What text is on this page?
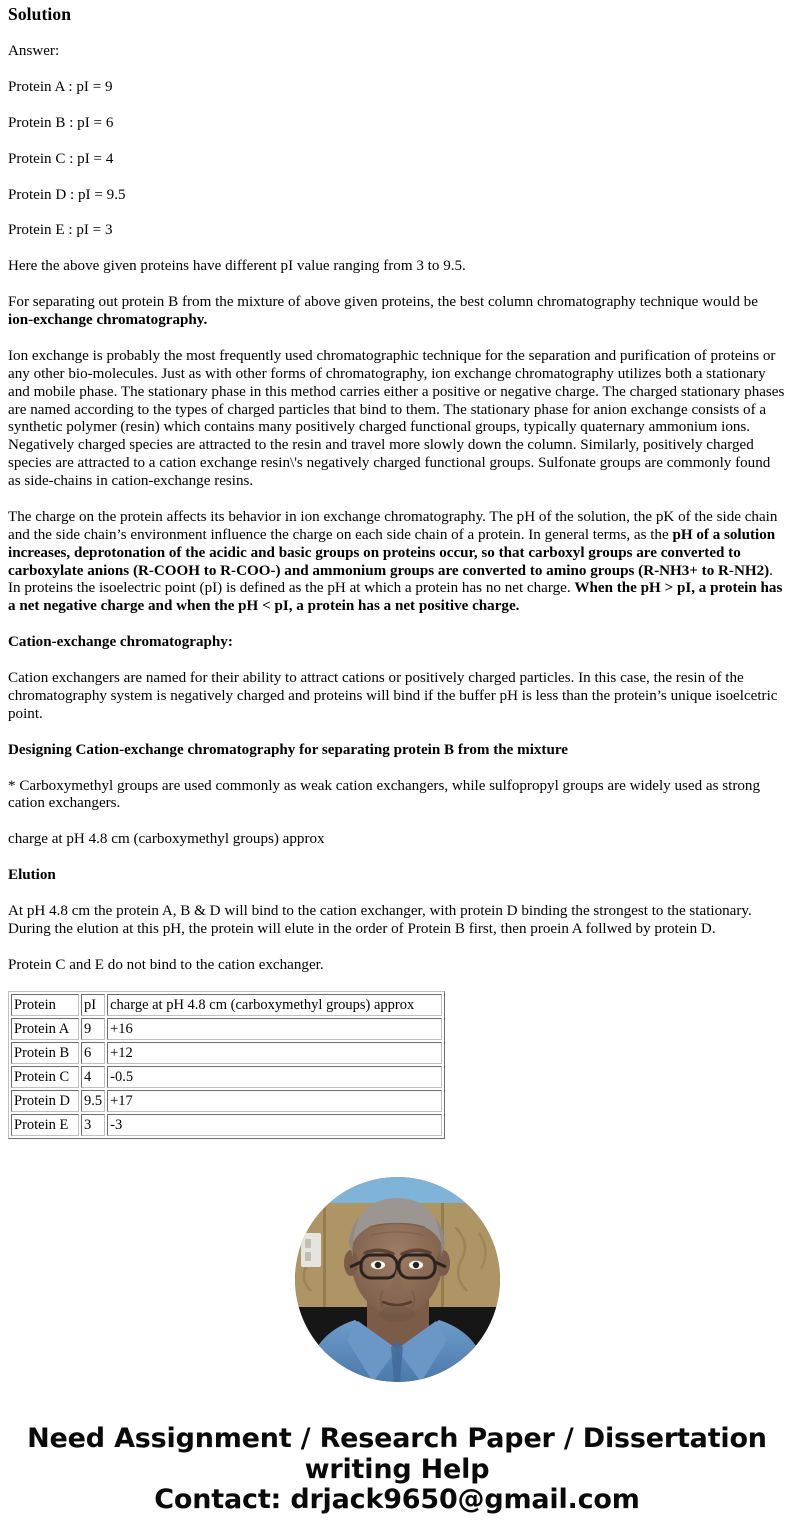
Solution

Answer:

Protein A : pI = 9

Protein B : pI = 6

Protein C : pI = 4

Protein D : pI = 9.5

Protein E : pI = 3

Here the above given proteins have different pI value ranging from 3 to 9.5.

For separating out protein B from the mixture of above given proteins, the best column chromatography technique would be ion-exchange chromatography.

Ion exchange is probably the most frequently used chromatographic technique for the separation and purification of proteins or any other bio-molecules. Just as with other forms of chromatography, ion exchange chromatography utilizes both a stationary and mobile phase. The stationary phase in this method carries either a positive or negative charge. The charged stationary phases are named according to the types of charged particles that bind to them. The stationary phase for anion exchange consists of a synthetic polymer (resin) which contains many positively charged functional groups, typically quaternary ammonium ions. Negatively charged species are attracted to the resin and travel more slowly down the column. Similarly, positively charged species are attracted to a cation exchange resin\'s negatively charged functional groups. Sulfonate groups are commonly found as side-chains in cation-exchange resins.

The charge on the protein affects its behavior in ion exchange chromatography. The pH of the solution, the pK of the side chain and the side chain’s environment influence the charge on each side chain of a protein. In general terms, as the pH of a solution increases, deprotonation of the acidic and basic groups on proteins occur, so that carboxyl groups are converted to carboxylate anions (R-COOH to R-COO-) and ammonium groups are converted to amino groups (R-NH3+ to R-NH2). In proteins the isoelectric point (pI) is defined as the pH at which a protein has no net charge. When the pH > pI, a protein has a net negative charge and when the pH < pI, a protein has a net positive charge.

Cation-exchange chromatography:

Cation exchangers are named for their ability to attract cations or positively charged particles. In this case, the resin of the chromatography system is negatively charged and proteins will bind if the buffer pH is less than the protein’s unique isoelcetric point.

Designing Cation-exchange chromatography for separating protein B from the mixture

* Carboxymethyl groups are used commonly as weak cation exchangers, while sulfopropyl groups are widely used as strong cation exchangers.

charge at pH 4.8 cm (carboxymethyl groups) approx

Elution

At pH 4.8 cm the protein A, B & D will bind to the cation exchanger, with protein D binding the strongest to the stationary. During the elution at this pH, the protein will elute in the order of Protein B first, then proein A follwed by protein D.

Protein C and E do not bind to the cation exchanger.

Protein	pI	charge at pH 4.8 cm (carboxymethyl groups) approx
Protein A	9	+16
Protein B	6	+12
Protein C	4	-0.5
Protein D	9.5	+17
Protein E	3	-3
Need Assignment / Research Paper / Dissertation
writing Help
Contact: drjack9650@gmail.com
